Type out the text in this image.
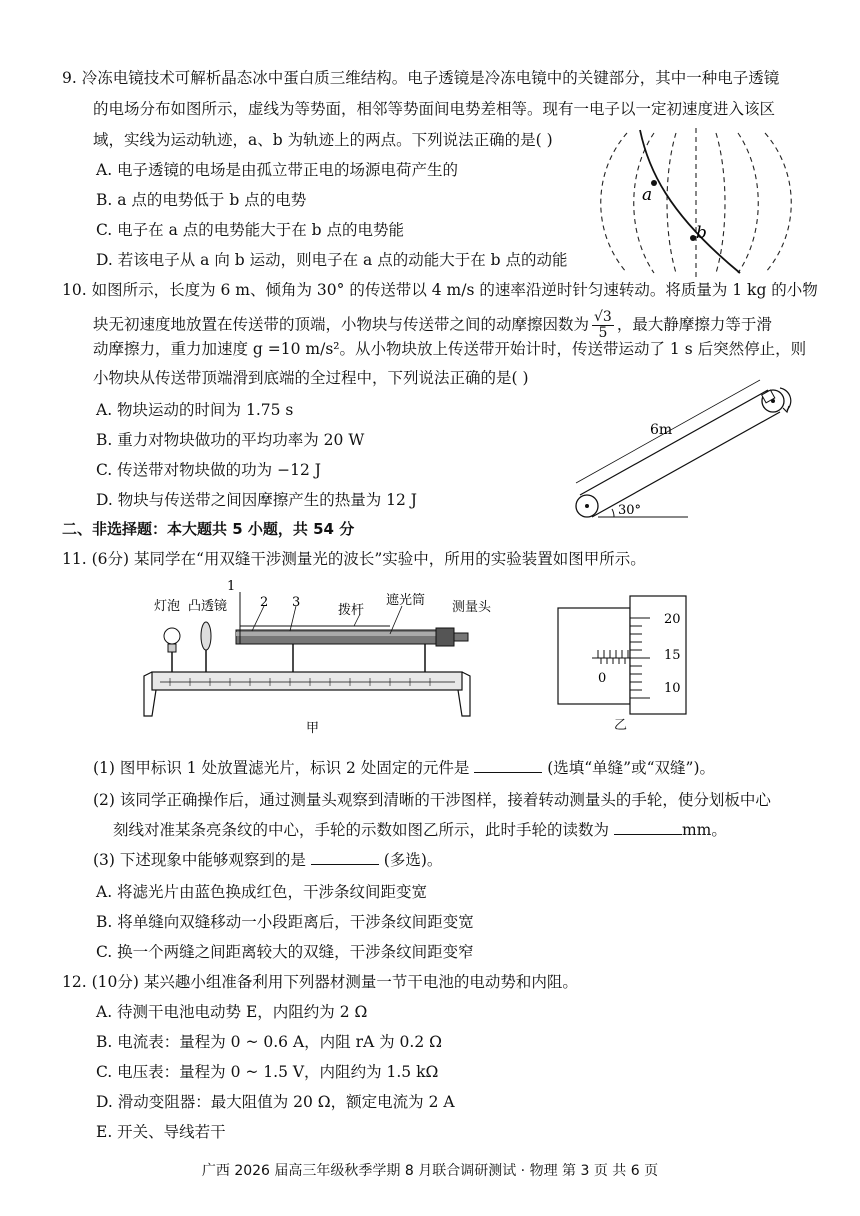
9. 冷冻电镜技术可解析晶态冰中蛋白质三维结构。电子透镜是冷冻电镜中的关键部分，其中一种电子透镜
的电场分布如图所示，虚线为等势面，相邻等势面间电势差相等。现有一电子以一定初速度进入该区
域，实线为运动轨迹，a、b 为轨迹上的两点。下列说法正确的是( )
A. 电子透镜的电场是由孤立带正电的场源电荷产生的
B. a 点的电势低于 b 点的电势
C. 电子在 a 点的电势能大于在 b 点的电势能
D. 若该电子从 a 向 b 运动，则电子在 a 点的动能大于在 b 点的动能
a
b
10. 如图所示，长度为 6 m、倾角为 30° 的传送带以 4 m/s 的速率沿逆时针匀速转动。将质量为 1 kg 的小物
块无初速度地放置在传送带的顶端，小物块与传送带之间的动摩擦因数为 $\frac{√3}{5}$ ，最大静摩擦力等于滑
动摩擦力，重力加速度 g =10 m/s²。从小物块放上传送带开始计时，传送带运动了 1 s 后突然停止，则
小物块从传送带顶端滑到底端的全过程中，下列说法正确的是( )
A. 物块运动的时间为 1.75 s
B. 重力对物块做功的平均功率为 20 W
C. 传送带对物块做的功为 −12 J
D. 物块与传送带之间因摩擦产生的热量为 12 J
6m
30°
二、非选择题：本大题共 5 小题，共 54 分
11. (6分) 某同学在“用双缝干涉测量光的波长”实验中，所用的实验装置如图甲所示。
灯泡 凸透镜
1
2 3
拨杆
遮光筒
甲
测量头
20
15
10
0
乙
(1) 图甲标识 1 处放置滤光片，标识 2 处固定的元件是	(选填“单缝”或“双缝”)。
(2) 该同学正确操作后，通过测量头观察到清晰的干涉图样，接着转动测量头的手轮，使分划板中心
刻线对准某条亮条纹的中心，手轮的示数如图乙所示，此时手轮的读数为	mm。
(3) 下述现象中能够观察到的是	(多选)。
A. 将滤光片由蓝色换成红色，干涉条纹间距变宽
B. 将单缝向双缝移动一小段距离后，干涉条纹间距变宽
C. 换一个两缝之间距离较大的双缝，干涉条纹间距变窄
12. (10分) 某兴趣小组准备利用下列器材测量一节干电池的电动势和内阻。
A. 待测干电池电动势 E，内阻约为 2 Ω
B. 电流表：量程为 0 ~ 0.6 A，内阻 rA 为 0.2 Ω
C. 电压表：量程为 0 ~ 1.5 V，内阻约为 1.5 kΩ
D. 滑动变阻器：最大阻值为 20 Ω，额定电流为 2 A
E. 开关、导线若干
广西 2026 届高三年级秋季学期 8 月联合调研测试 · 物理 第 3 页 共 6 页
